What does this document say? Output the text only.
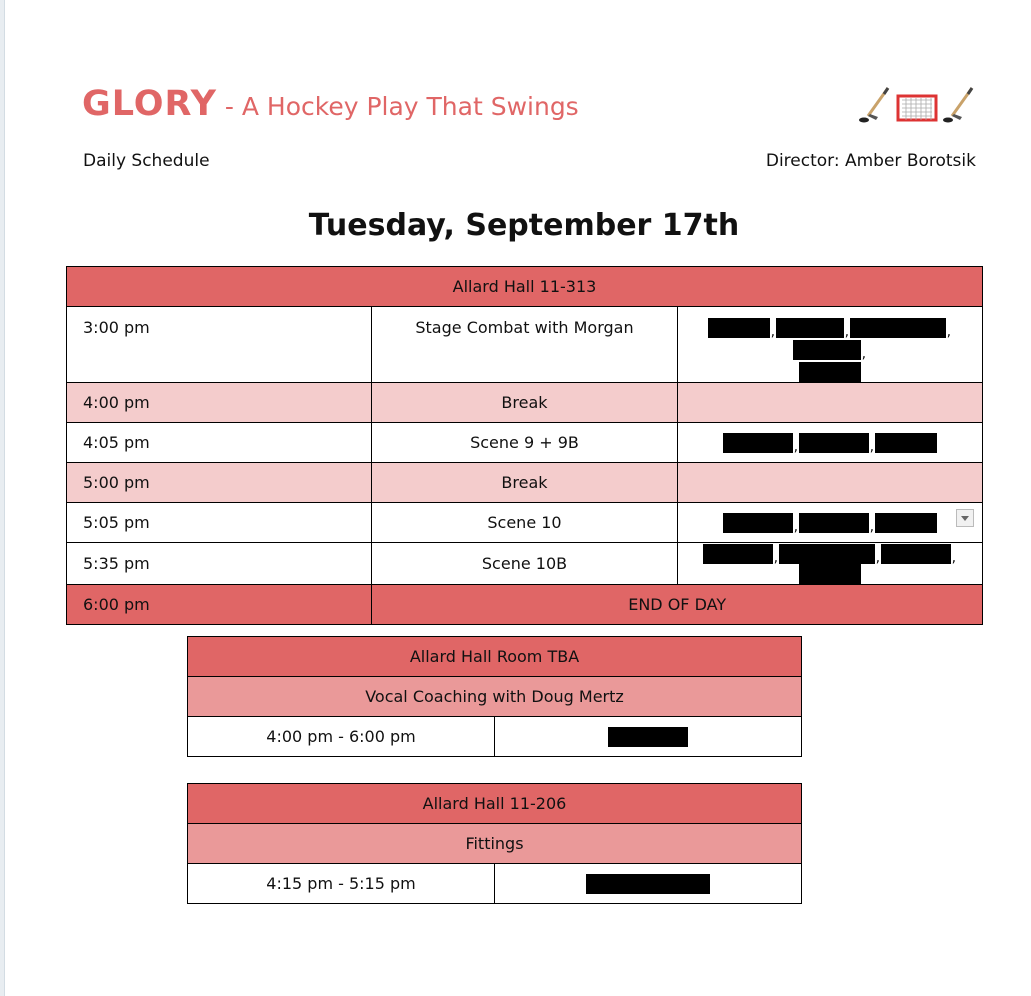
GLORY - A Hockey Play That Swings
Daily Schedule	Director: Amber Borotsik
Tuesday, September 17th
Allard Hall 11-313		
3:00 pm	Stage Combat with Morgan	, , ,,

4:00 pm	Break	
4:05 pm	Scene 9 + 9B	, ,
5:00 pm	Break	
5:05 pm	Scene 10	, ,

5:35 pm	Scene 10B	, , ,
6:00 pm	END OF DAY	
Allard Hall Room TBA
Vocal Coaching with Doug Mertz
4:00 pm - 6:00 pm	
Allard Hall 11-206
Fittings
4:15 pm - 5:15 pm	
